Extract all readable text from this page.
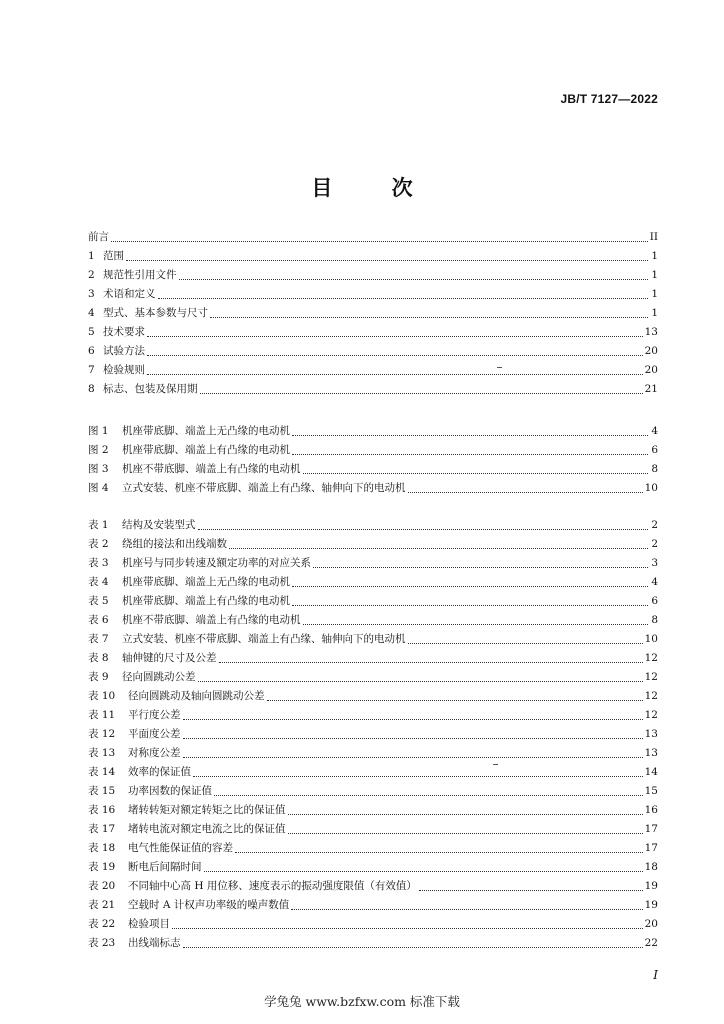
JB/T 7127—2022
目 次
前言	II
1 范围	1
2 规范性引用文件	1
3 术语和定义	1
4 型式、基本参数与尺寸	1
5 技术要求	13
6 试验方法	20
7 检验规则	20
8 标志、包装及保用期	21
图 1	机座带底脚、端盖上无凸缘的电动机	4
图 2	机座带底脚、端盖上有凸缘的电动机	6
图 3	机座不带底脚、端盖上有凸缘的电动机	8
图 4	立式安装、机座不带底脚、端盖上有凸缘、轴伸向下的电动机	10
表 1	结构及安装型式	2
表 2	绕组的接法和出线端数	2
表 3	机座号与同步转速及额定功率的对应关系	3
表 4	机座带底脚、端盖上无凸缘的电动机	4
表 5	机座带底脚、端盖上有凸缘的电动机	6
表 6	机座不带底脚、端盖上有凸缘的电动机	8
表 7	立式安装、机座不带底脚、端盖上有凸缘、轴伸向下的电动机	10
表 8	轴伸键的尺寸及公差	12
表 9	径向圆跳动公差	12
表 10	径向圆跳动及轴向圆跳动公差	12
表 11	平行度公差	12
表 12	平面度公差	13
表 13	对称度公差	13
表 14	效率的保证值	14
表 15	功率因数的保证值	15
表 16	堵转转矩对额定转矩之比的保证值	16
表 17	堵转电流对额定电流之比的保证值	17
表 18	电气性能保证值的容差	17
表 19	断电后间隔时间	18
表 20	不同轴中心高 H 用位移、速度表示的振动强度限值（有效值）	19
表 21	空载时 A 计权声功率级的噪声数值	19
表 22	检验项目	20
表 23	出线端标志	22
I
学兔兔 www.bzfxw.com 标准下载
